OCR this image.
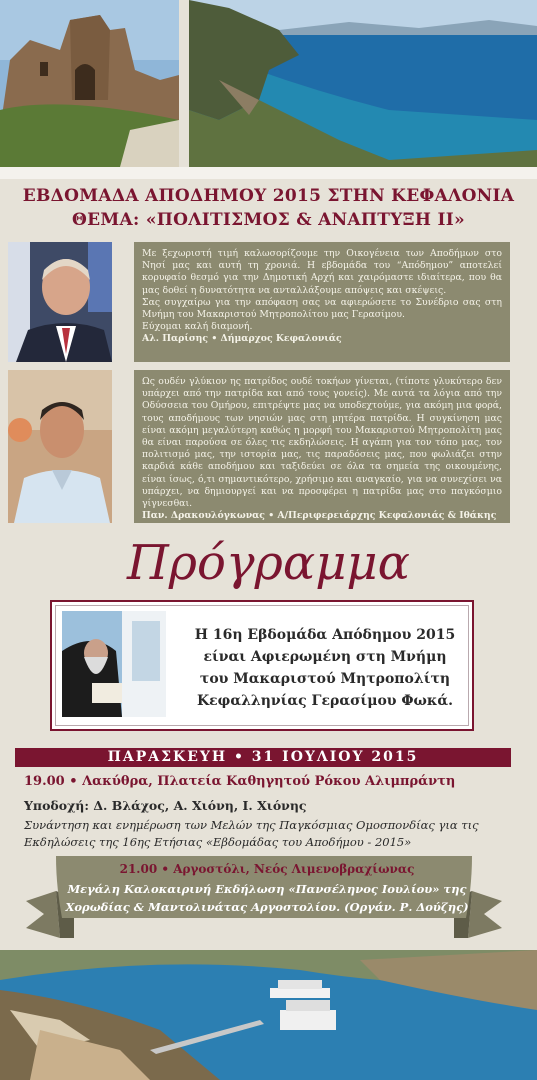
ΕΒΔΟΜΑΔΑ ΑΠΟΔΗΜΟΥ 2015 ΣΤΗΝ ΚΕΦΑΛΟΝΙΑ
ΘΕΜΑ: «ΠΟΛΙΤΙΣΜΟΣ & ΑΝΑΠΤΥΞΗ ΙΙ»
Με ξεχωριστή τιμή καλωσορίζουμε την Οικογένεια των Αποδήμων στο Νησί μας και αυτή τη χρονιά. Η εβδομάδα του “Απόδημου” αποτελεί κορυφαίο θεσμό για την Δημοτική Αρχή και χαιρόμαστε ιδιαίτερα, που θα μας δοθεί η δυνατότητα να ανταλλάξουμε απόψεις και σκέψεις.
Σας συγχαίρω για την απόφαση σας να αφιερώσετε το Συνέδριο σας στη Μνήμη του Μακαριστού Μητροπολίτου μας Γερασίμου.
Εύχομαι καλή διαμονή.
Αλ. Παρίσης • Δήμαρχος Κεφαλονιάς
Ως ουδέν γλύκιον ης πατρίδος ουδέ τοκήων γίνεται, (τίποτε γλυκύτερο δεν υπάρχει από την πατρίδα και από τους γονείς). Με αυτά τα λόγια από την Οδύσσεια του Ομήρου, επιτρέψτε μας να υποδεχτούμε, για ακόμη μια φορά, τους αποδήμους των νησιών μας στη μητέρα πατρίδα. Η συγκίνηση μας είναι ακόμη μεγαλύτερη καθώς η μορφή του Μακαριστού Μητροπολίτη μας θα είναι παρούσα σε όλες τις εκδηλώσεις. Η αγάπη για τον τόπο μας, τον πολιτισμό μας, την ιστορία μας, τις παραδόσεις μας, που φωλιάζει στην καρδιά κάθε αποδήμου και ταξιδεύει σε όλα τα σημεία της οικουμένης, είναι ίσως, ό,τι σημαντικότερο, χρήσιμο και αναγκαίο, για να συνεχίσει να υπάρχει, να δημιουργεί και να προσφέρει η πατρίδα μας στο παγκόσμιο γίγνεσθαι.
Παν. Δρακουλόγκωνας • Α/Περιφερειάρχης Κεφαλονιάς & Ιθάκης
Πρόγραμμα
Η 16η Εβδομάδα Απόδημου 2015
είναι Αφιερωμένη στη Μνήμη
του Μακαριστού Μητροπολίτη
Κεφαλληνίας Γερασίμου Φωκά.
ΠΑΡΑΣΚΕΥΗ • 31 ΙΟΥΛΙΟΥ 2015
19.00 • Λακύθρα, Πλατεία Καθηγητού Ρόκου Αλιμπράντη
Υποδοχή: Δ. Βλάχος, Α. Χιόνη, Ι. Χιόνης
Συνάντηση και ενημέρωση των Μελών της Παγκόσμιας Ομοσπονδίας για τις
Εκδηλώσεις της 16ης Ετήσιας «Εβδομάδας του Αποδήμου - 2015»
21.00 • Αργοστόλι, Νεός Λιμενοβραχίωνας
Μεγάλη Καλοκαιρινή Εκδήλωση «Πανσέληνος Ιουλίου» της
Χορωδίας & Μαντολινάτας Αργοστολίου. (Οργάν. Ρ. Δούζης)
